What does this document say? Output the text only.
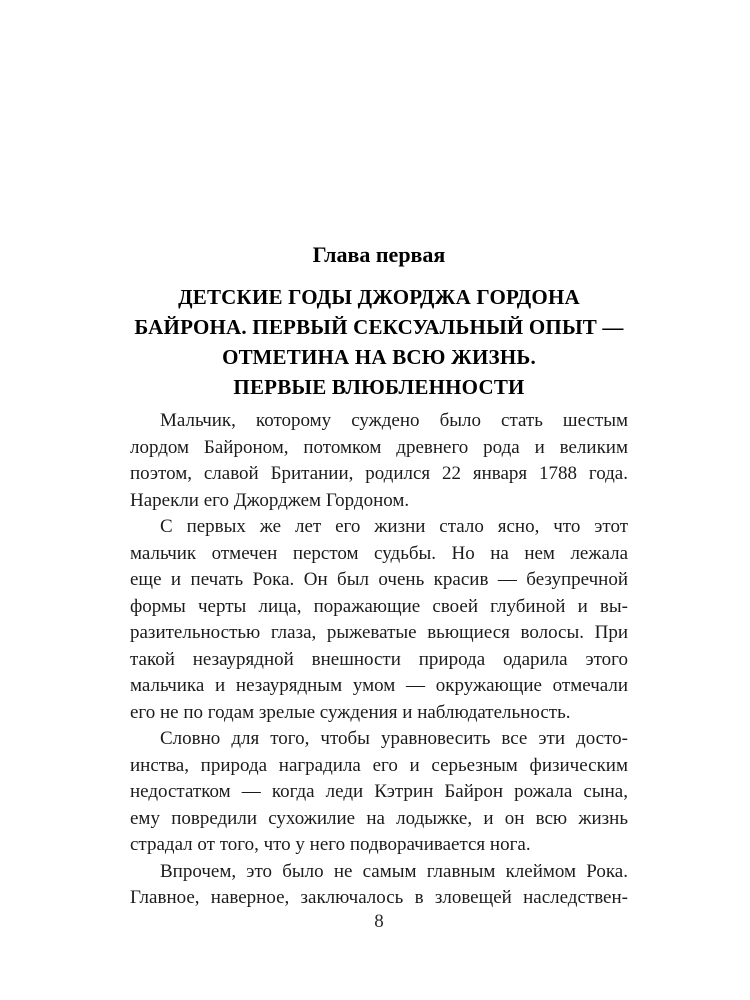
Глава первая
ДЕТСКИЕ ГОДЫ ДЖОРДЖА ГОРДОНА
БАЙРОНА. ПЕРВЫЙ СЕКСУАЛЬНЫЙ ОПЫТ —
ОТМЕТИНА НА ВСЮ ЖИЗНЬ.
ПЕРВЫЕ ВЛЮБЛЕННОСТИ
Мальчик, которому суждено было стать шестым
лордом Байроном, потомком древнего рода и великим
поэтом, славой Британии, родился 22 января 1788 года.
Нарекли его Джорджем Гордоном.
С первых же лет его жизни стало ясно, что этот
мальчик отмечен перстом судьбы. Но на нем лежала
еще и печать Рока. Он был очень красив — безупречной
формы черты лица, поражающие своей глубиной и вы-
разительностью глаза, рыжеватые вьющиеся волосы. При
такой незаурядной внешности природа одарила этого
мальчика и незаурядным умом — окружающие отмечали
его не по годам зрелые суждения и наблюдательность.
Словно для того, чтобы уравновесить все эти досто-
инства, природа наградила его и серьезным физическим
недостатком — когда леди Кэтрин Байрон рожала сына,
ему повредили сухожилие на лодыжке, и он всю жизнь
страдал от того, что у него подворачивается нога.
Впрочем, это было не самым главным клеймом Рока.
Главное, наверное, заключалось в зловещей наследствен-
8
